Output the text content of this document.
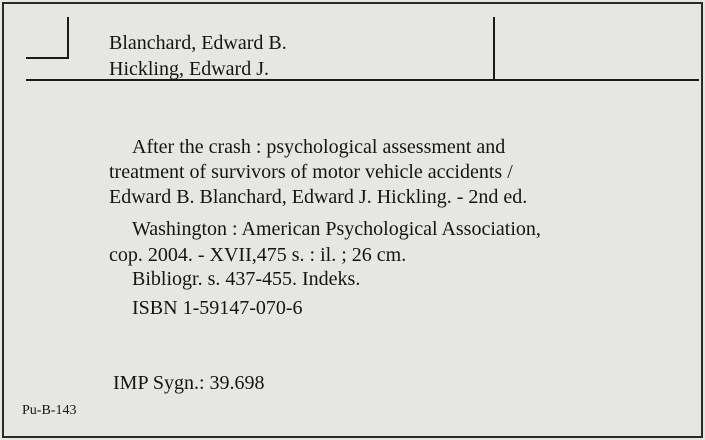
Blanchard, Edward B.
Hickling, Edward J.
After the crash : psychological assessment and
treatment of survivors of motor vehicle accidents /
Edward B. Blanchard, Edward J. Hickling. - 2nd ed.
Washington : American Psychological Association,
cop. 2004. - XVII,475 s. : il. ; 26 cm.
Bibliogr. s. 437-455. Indeks.
ISBN 1-59147-070-6
IMP Sygn.: 39.698
Pu-B-143
